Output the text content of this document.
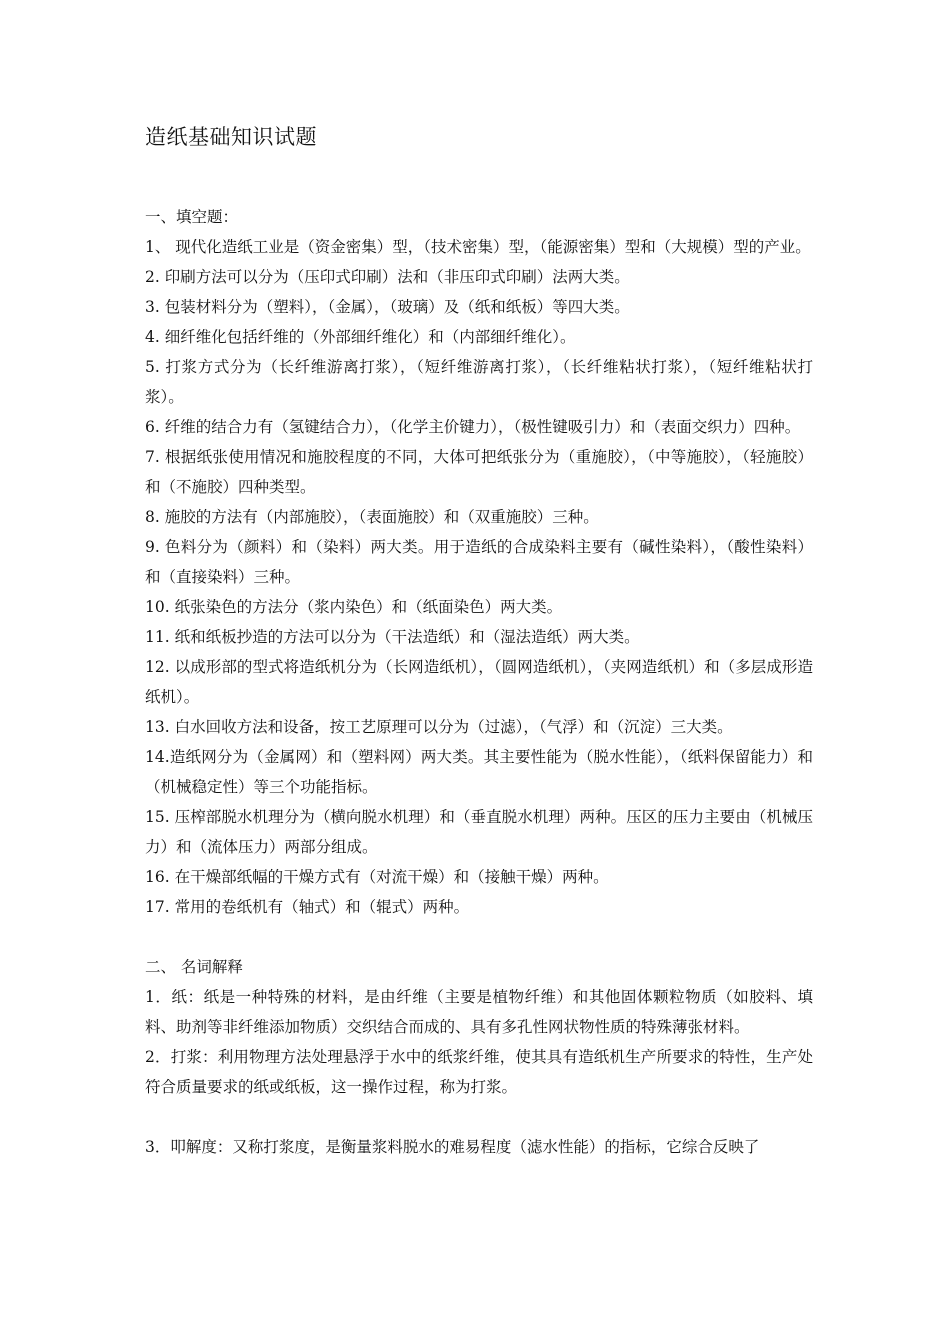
造纸基础知识试题

一、填空题：

1、 现代化造纸工业是（资金密集）型，（技术密集）型，（能源密集）型和（大规模）型的产业。

2. 印刷方法可以分为（压印式印刷）法和（非压印式印刷）法两大类。

3. 包装材料分为（塑料），（金属），（玻璃）及（纸和纸板）等四大类。

4. 细纤维化包括纤维的（外部细纤维化）和（内部细纤维化）。

5. 打浆方式分为（长纤维游离打浆），（短纤维游离打浆），（长纤维粘状打浆），（短纤维粘状打浆）。

6. 纤维的结合力有（氢键结合力），（化学主价键力），（极性键吸引力）和（表面交织力）四种。

7. 根据纸张使用情况和施胶程度的不同，大体可把纸张分为（重施胶），（中等施胶），（轻施胶）和（不施胶）四种类型。

8. 施胶的方法有（内部施胶），（表面施胶）和（双重施胶）三种。

9. 色料分为（颜料）和（染料）两大类。用于造纸的合成染料主要有（碱性染料），（酸性染料）和（直接染料）三种。

10. 纸张染色的方法分（浆内染色）和（纸面染色）两大类。

11. 纸和纸板抄造的方法可以分为（干法造纸）和（湿法造纸）两大类。

12. 以成形部的型式将造纸机分为（长网造纸机），（圆网造纸机），（夹网造纸机）和（多层成形造纸机）。

13. 白水回收方法和设备，按工艺原理可以分为（过滤），（气浮）和（沉淀）三大类。

14.造纸网分为（金属网）和（塑料网）两大类。其主要性能为（脱水性能），（纸料保留能力）和（机械稳定性）等三个功能指标。

15. 压榨部脱水机理分为（横向脱水机理）和（垂直脱水机理）两种。压区的压力主要由（机械压力）和（流体压力）两部分组成。

16. 在干燥部纸幅的干燥方式有（对流干燥）和（接触干燥）两种。

17. 常用的卷纸机有（轴式）和（辊式）两种。

二、 名词解释

1．纸：纸是一种特殊的材料，是由纤维（主要是植物纤维）和其他固体颗粒物质（如胶料、填料、助剂等非纤维添加物质）交织结合而成的、具有多孔性网状物性质的特殊薄张材料。

2．打浆：利用物理方法处理悬浮于水中的纸浆纤维，使其具有造纸机生产所要求的特性，生产处符合质量要求的纸或纸板，这一操作过程，称为打浆。

3．叩解度：又称打浆度，是衡量浆料脱水的难易程度（滤水性能）的指标，它综合反映了
